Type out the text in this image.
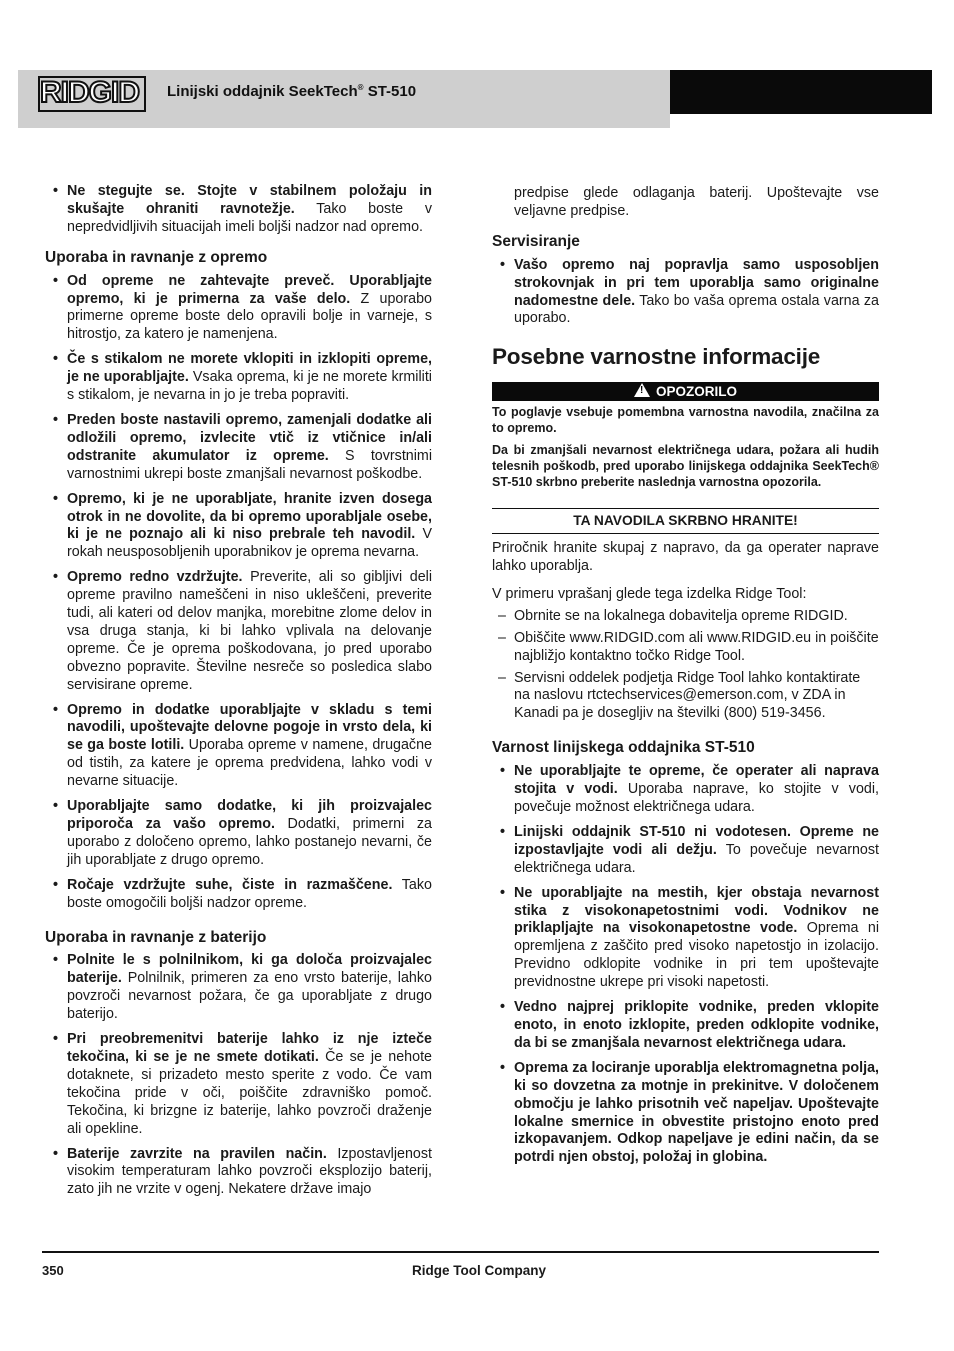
RIDGID Linijski oddajnik SeekTech® ST-510
• Ne stegujte se. Stojte v stabilnem položaju in skušajte ohraniti ravnotežje. Tako boste v nepredvidljivih situacijah imeli boljši nadzor nad opremo.
Uporaba in ravnanje z opremo
• Od opreme ne zahtevajte preveč. Uporabljajte opremo, ki je primerna za vaše delo. Z uporabo primerne opreme boste delo opravili bolje in varneje, s hitrostjo, za katero je namenjena.
• Če s stikalom ne morete vklopiti in izklopiti opreme, je ne uporabljajte. Vsaka oprema, ki je ne morete krmiliti s stikalom, je nevarna in jo je treba popraviti.
• Preden boste nastavili opremo, zamenjali dodatke ali odložili opremo, izvlecite vtič iz vtičnice in/ali odstranite akumulator iz opreme. S tovrstnimi varnostnimi ukrepi boste zmanjšali nevarnost poškodbe.
• Opremo, ki je ne uporabljate, hranite izven dosega otrok in ne dovolite, da bi opremo uporabljale osebe, ki je ne poznajo ali ki niso prebrale teh navodil. V rokah neusposobljenih uporabnikov je oprema nevarna.
• Opremo redno vzdržujte. Preverite, ali so gibljivi deli opreme pravilno nameščeni in niso ukleščeni, preverite tudi, ali kateri od delov manjka, morebitne zlome delov in vsa druga stanja, ki bi lahko vplivala na delovanje opreme. Če je oprema poškodovana, jo pred uporabo obvezno popravite. Številne nesreče so posledica slabo servisirane opreme.
• Opremo in dodatke uporabljajte v skladu s temi navodili, upoštevajte delovne pogoje in vrsto dela, ki se ga boste lotili. Uporaba opreme v namene, drugačne od tistih, za katere je oprema predvidena, lahko vodi v nevarne situacije.
• Uporabljajte samo dodatke, ki jih proizvajalec priporoča za vašo opremo. Dodatki, primerni za uporabo z določeno opremo, lahko postanejo nevarni, če jih uporabljate z drugo opremo.
• Ročaje vzdržujte suhe, čiste in razmaščene. Tako boste omogočili boljši nadzor opreme.
Uporaba in ravnanje z baterijo
• Polnite le s polnilnikom, ki ga določa proizvajalec baterije. Polnilnik, primeren za eno vrsto baterije, lahko povzroči nevarnost požara, če ga uporabljate z drugo baterijo.
• Pri preobremenitvi baterije lahko iz nje izteče tekočina, ki se je ne smete dotikati. Če se je nehote dotaknete, si prizadeto mesto sperite z vodo. Če vam tekočina pride v oči, poiščite zdravniško pomoč. Tekočina, ki brizgne iz baterije, lahko povzroči draženje ali opekline.
• Baterije zavrzite na pravilen način. Izpostavljenost visokim temperaturam lahko povzroči eksplozijo baterij, zato jih ne vrzite v ogenj. Nekatere države imajo
predpise glede odlaganja baterij. Upoštevajte vse veljavne predpise.
Servisiranje
• Vašo opremo naj popravlja samo usposobljen strokovnjak in pri tem uporablja samo originalne nadomestne dele. Tako bo vaša oprema ostala varna za uporabo.
Posebne varnostne informacije
!OPOZORILO
To poglavje vsebuje pomembna varnostna navodila, značilna za to opremo.
Da bi zmanjšali nevarnost električnega udara, požara ali hudih telesnih poškodb, pred uporabo linijskega oddajnika SeekTech® ST-510 skrbno preberite naslednja varnostna opozorila.
TA NAVODILA SKRBNO HRANITE!
Priročnik hranite skupaj z napravo, da ga operater naprave lahko uporablja.
V primeru vprašanj glede tega izdelka Ridge Tool:
– Obrnite se na lokalnega dobavitelja opreme RIDGID.
– Obiščite www.RIDGID.com ali www.RIDGID.eu in poiščite najbližjo kontaktno točko Ridge Tool.
– Servisni oddelek podjetja Ridge Tool lahko kontaktirate na naslovu rtctechservices@emerson.com, v ZDA in Kanadi pa je dosegljiv na številki (800) 519-3456.
Varnost linijskega oddajnika ST-510
• Ne uporabljajte te opreme, če operater ali naprava stojita v vodi. Uporaba naprave, ko stojite v vodi, povečuje možnost električnega udara.
• Linijski oddajnik ST-510 ni vodotesen. Opreme ne izpostavljajte vodi ali dežju. To povečuje nevarnost električnega udara.
• Ne uporabljajte na mestih, kjer obstaja nevarnost stika z visokonapetostnimi vodi. Vodnikov ne priklapljajte na visokonapetostne vode. Oprema ni opremljena z zaščito pred visoko napetostjo in izolacijo. Previdno odklopite vodnike in pri tem upoštevajte previdnostne ukrepe pri visoki napetosti.
• Vedno najprej priklopite vodnike, preden vklopite enoto, in enoto izklopite, preden odklopite vodnike, da bi se zmanjšala nevarnost električnega udara.
• Oprema za lociranje uporablja elektromagnetna polja, ki so dovzetna za motnje in prekinitve. V določenem območju je lahko prisotnih več napeljav. Upoštevajte lokalne smernice in obvestite pristojno enoto pred izkopavanjem. Odkop napeljave je edini način, da se potrdi njen obstoj, položaj in globina.
350	Ridge Tool Company
